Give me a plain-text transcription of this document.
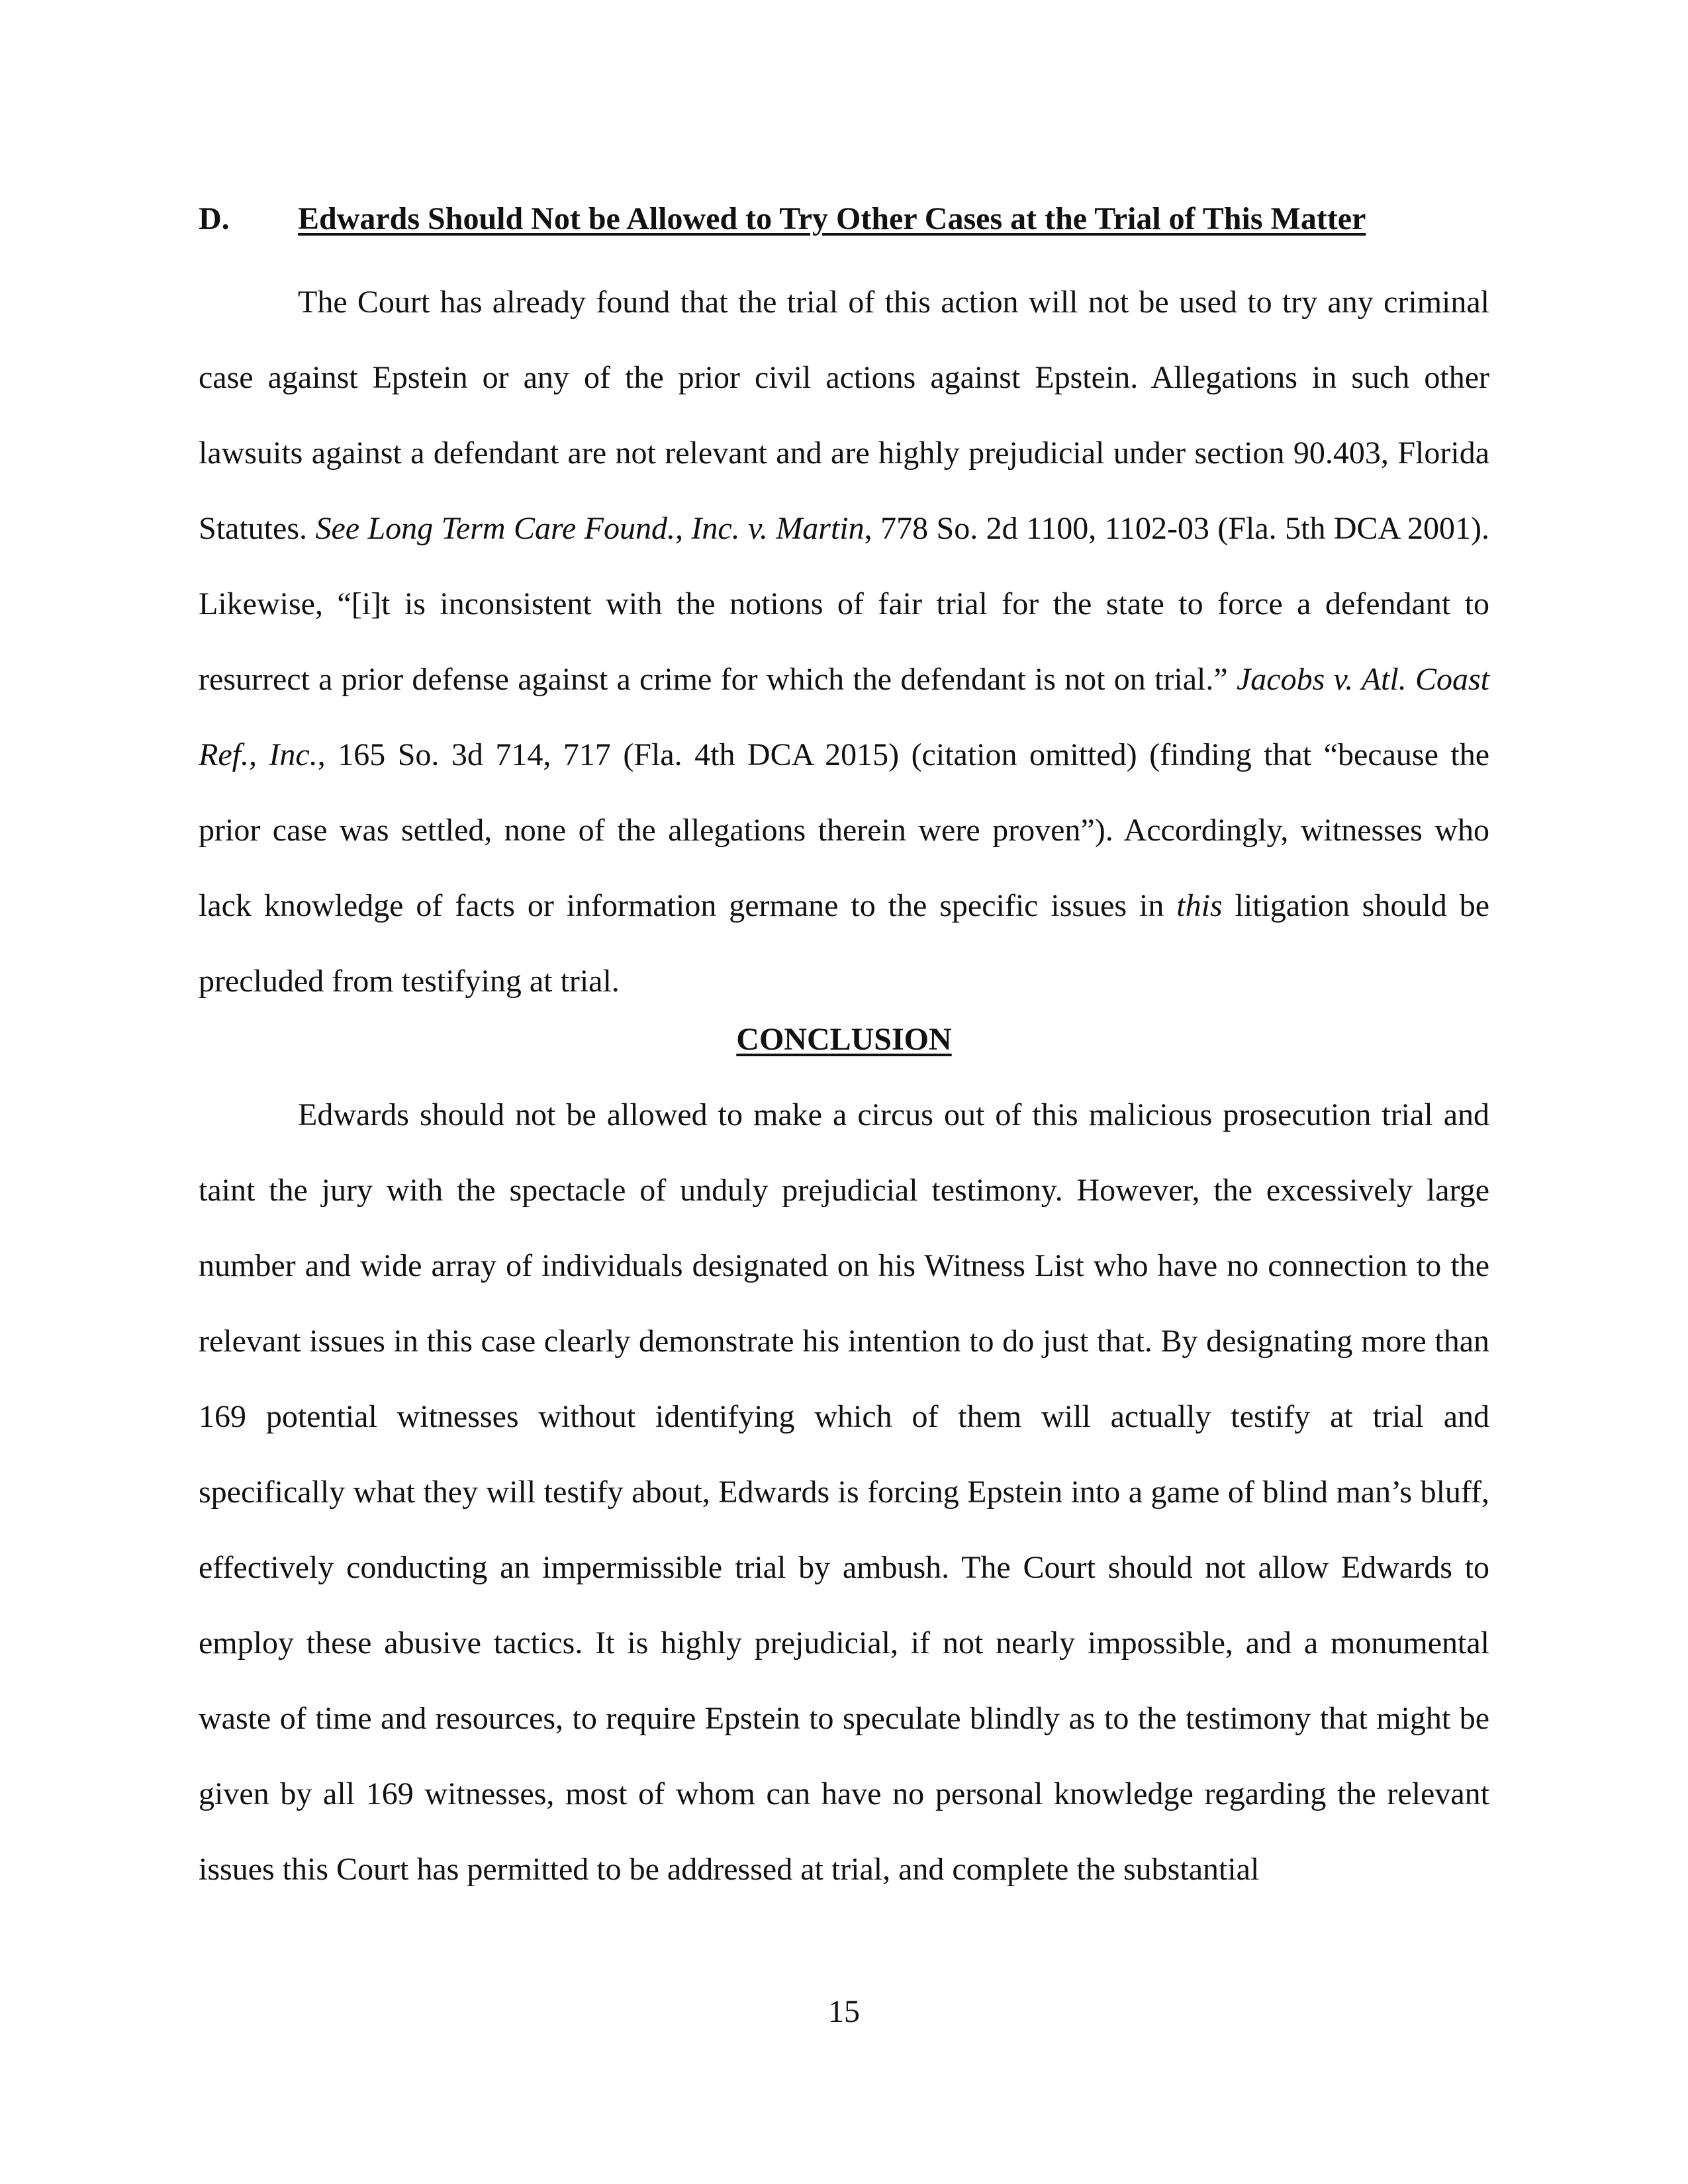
D. Edwards Should Not be Allowed to Try Other Cases at the Trial of This Matter

The Court has already found that the trial of this action will not be used to try any criminal case against Epstein or any of the prior civil actions against Epstein. Allegations in such other lawsuits against a defendant are not relevant and are highly prejudicial under section 90.403, Florida Statutes. See Long Term Care Found., Inc. v. Martin, 778 So. 2d 1100, 1102-03 (Fla. 5th DCA 2001). Likewise, “[i]t is inconsistent with the notions of fair trial for the state to force a defendant to resurrect a prior defense against a crime for which the defendant is not on trial.” Jacobs v. Atl. Coast Ref., Inc., 165 So. 3d 714, 717 (Fla. 4th DCA 2015) (citation omitted) (finding that “because the prior case was settled, none of the allegations therein were proven”). Accordingly, witnesses who lack knowledge of facts or information germane to the specific issues in this litigation should be precluded from testifying at trial.

CONCLUSION

Edwards should not be allowed to make a circus out of this malicious prosecution trial and taint the jury with the spectacle of unduly prejudicial testimony. However, the excessively large number and wide array of individuals designated on his Witness List who have no connection to the relevant issues in this case clearly demonstrate his intention to do just that. By designating more than 169 potential witnesses without identifying which of them will actually testify at trial and specifically what they will testify about, Edwards is forcing Epstein into a game of blind man’s bluff, effectively conducting an impermissible trial by ambush. The Court should not allow Edwards to employ these abusive tactics. It is highly prejudicial, if not nearly impossible, and a monumental waste of time and resources, to require Epstein to speculate blindly as to the testimony that might be given by all 169 witnesses, most of whom can have no personal knowledge regarding the relevant issues this Court has permitted to be addressed at trial, and complete the substantial

15
